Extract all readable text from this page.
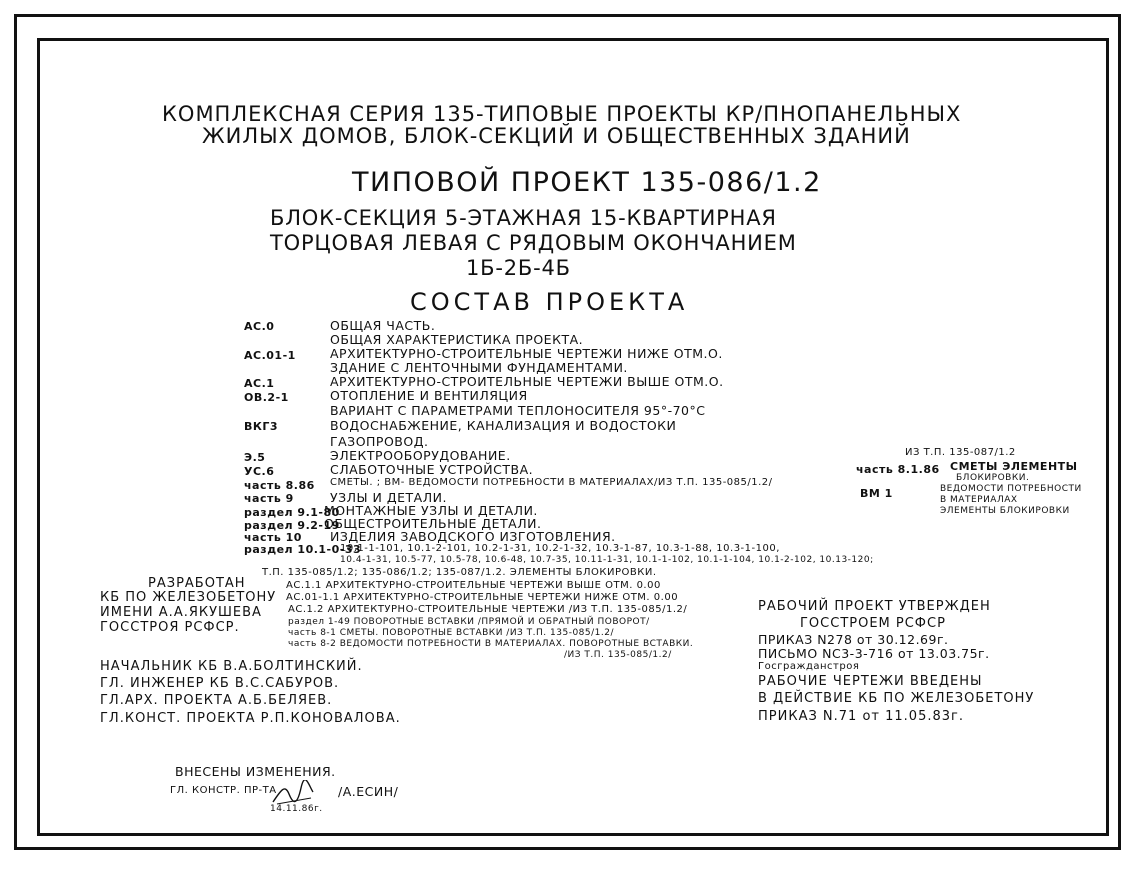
КОМПЛЕКСНАЯ СЕРИЯ 135-ТИПОВЫЕ ПРОЕКТЫ КР/ПНОПАНЕЛЬНЫХ
ЖИЛЫХ ДОМОВ, БЛОК-СЕКЦИЙ И ОБЩЕСТВЕННЫХ ЗДАНИЙ
ТИПОВОЙ ПРОЕКТ 135-086/1.2
БЛОК-СЕКЦИЯ 5-ЭТАЖНАЯ 15-КВАРТИРНАЯ
ТОРЦОВАЯ ЛЕВАЯ С РЯДОВЫМ ОКОНЧАНИЕМ
1Б-2Б-4Б
СОСТАВ ПРОЕКТА
АС.0
АС.01-1
АС.1
ОВ.2-1
ВКГ3
Э.5
УС.6
часть 8.86
часть 9
раздел 9.1-80
раздел 9.2-19
часть 10
раздел 10.1-0-33
ОБЩАЯ ЧАСТЬ.
ОБЩАЯ ХАРАКТЕРИСТИКА ПРОЕКТА.
АРХИТЕКТУРНО-СТРОИТЕЛЬНЫЕ ЧЕРТЕЖИ НИЖЕ ОТМ.О.
ЗДАНИЕ С ЛЕНТОЧНЫМИ ФУНДАМЕНТАМИ.
АРХИТЕКТУРНО-СТРОИТЕЛЬНЫЕ ЧЕРТЕЖИ ВЫШЕ ОТМ.О.
ОТОПЛЕНИЕ И ВЕНТИЛЯЦИЯ
ВАРИАНТ С ПАРАМЕТРАМИ ТЕПЛОНОСИТЕЛЯ 95°-70°С
ВОДОСНАБЖЕНИЕ, КАНАЛИЗАЦИЯ И ВОДОСТОКИ
ГАЗОПРОВОД.
ЭЛЕКТРООБОРУДОВАНИЕ.
СЛАБОТОЧНЫЕ УСТРОЙСТВА.
СМЕТЫ. ; ВМ- ВЕДОМОСТИ ПОТРЕБНОСТИ В МАТЕРИАЛАХ/ИЗ Т.П. 135-085/1.2/
УЗЛЫ И ДЕТАЛИ.
МОНТАЖНЫЕ УЗЛЫ И ДЕТАЛИ.
ОБЩЕСТРОИТЕЛЬНЫЕ ДЕТАЛИ.
ИЗДЕЛИЯ ЗАВОДСКОГО ИЗГОТОВЛЕНИЯ.
10.1-1-101, 10.1-2-101, 10.2-1-31, 10.2-1-32, 10.3-1-87, 10.3-1-88, 10.3-1-100,
10.4-1-31, 10.5-77, 10.5-78, 10.6-48, 10.7-35, 10.11-1-31, 10.1-1-102, 10.1-1-104, 10.1-2-102, 10.13-120;
Т.П. 135-085/1.2; 135-086/1.2; 135-087/1.2. ЭЛЕМЕНТЫ БЛОКИРОВКИ.
ИЗ Т.П. 135-087/1.2
часть 8.1.86 СМЕТЫ ЭЛЕМЕНТЫ
БЛОКИРОВКИ.
ВМ 1	ВЕДОМОСТИ ПОТРЕБНОСТИ
В МАТЕРИАЛАХ
ЭЛЕМЕНТЫ БЛОКИРОВКИ
РАЗРАБОТАН
КБ ПО ЖЕЛЕЗОБЕТОНУ
ИМЕНИ А.А.ЯКУШЕВА
ГОССТРОЯ РСФСР.
АС.1.1 АРХИТЕКТУРНО-СТРОИТЕЛЬНЫЕ ЧЕРТЕЖИ ВЫШЕ ОТМ. 0.00
АС.01-1.1 АРХИТЕКТУРНО-СТРОИТЕЛЬНЫЕ ЧЕРТЕЖИ НИЖЕ ОТМ. 0.00
АС.1.2 АРХИТЕКТУРНО-СТРОИТЕЛЬНЫЕ ЧЕРТЕЖИ /ИЗ Т.П. 135-085/1.2/
раздел 1-49 ПОВОРОТНЫЕ ВСТАВКИ /ПРЯМОЙ И ОБРАТНЫЙ ПОВОРОТ/
часть 8-1 СМЕТЫ. ПОВОРОТНЫЕ ВСТАВКИ /ИЗ Т.П. 135-085/1.2/
часть 8-2 ВЕДОМОСТИ ПОТРЕБНОСТИ В МАТЕРИАЛАХ. ПОВОРОТНЫЕ ВСТАВКИ.
/ИЗ Т.П. 135-085/1.2/
РАБОЧИЙ ПРОЕКТ УТВЕРЖДЕН
ГОССТРОЕМ РСФСР
ПРИКАЗ N278 от 30.12.69г.
ПИСЬМО NС3-3-716 от 13.03.75г.
Госгражданстроя
РАБОЧИЕ ЧЕРТЕЖИ ВВЕДЕНЫ
В ДЕЙСТВИЕ КБ ПО ЖЕЛЕЗОБЕТОНУ
ПРИКАЗ N.71 от 11.05.83г.
НАЧАЛЬНИК КБ В.А.БОЛТИНСКИЙ.
ГЛ. ИНЖЕНЕР КБ В.С.САБУРОВ.
ГЛ.АРХ. ПРОЕКТА А.Б.БЕЛЯЕВ.
ГЛ.КОНСТ. ПРОЕКТА Р.П.КОНОВАЛОВА.
ВНЕСЕНЫ ИЗМЕНЕНИЯ.
ГЛ. КОНСТР. ПР-ТА	/А.ЕСИН/
14.11.86г.
